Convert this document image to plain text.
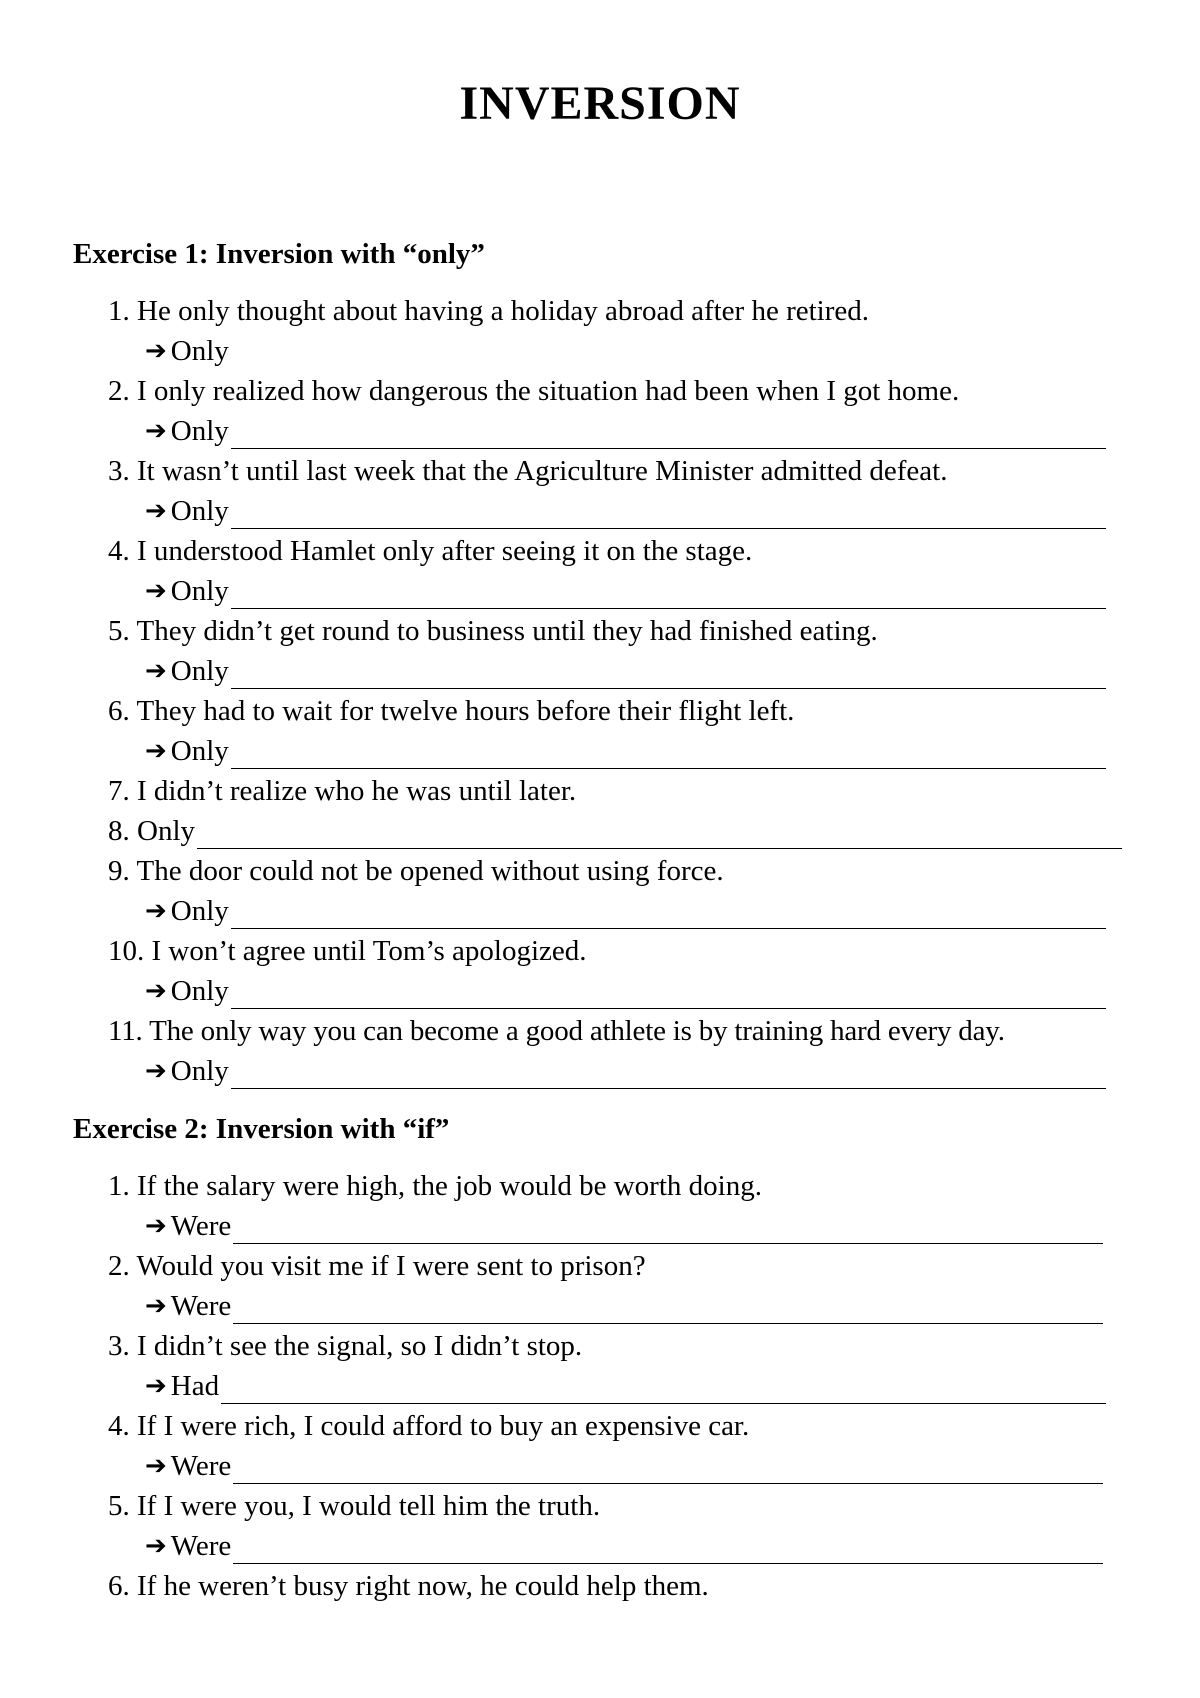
INVERSION
Exercise 1: Inversion with “only”
1. He only thought about having a holiday abroad after he retired.
➔ Only
2. I only realized how dangerous the situation had been when I got home.
➔ Only
3. It wasn’t until last week that the Agriculture Minister admitted defeat.
➔ Only
4. I understood Hamlet only after seeing it on the stage.
➔ Only
5. They didn’t get round to business until they had finished eating.
➔ Only
6. They had to wait for twelve hours before their flight left.
➔ Only
7. I didn’t realize who he was until later.
8.
Only
9. The door could not be opened without using force.
➔ Only
10. I won’t agree until Tom’s apologized.
➔ Only
11. The only way you can become a good athlete is by training hard every day.
➔ Only
Exercise 2: Inversion with “if”
1. If the salary were high, the job would be worth doing.
➔ Were
2. Would you visit me if I were sent to prison?
➔ Were
3. I didn’t see the signal, so I didn’t stop.
➔ Had
4. If I were rich, I could afford to buy an expensive car.
➔ Were
5. If I were you, I would tell him the truth.
➔ Were
6. If he weren’t busy right now, he could help them.
